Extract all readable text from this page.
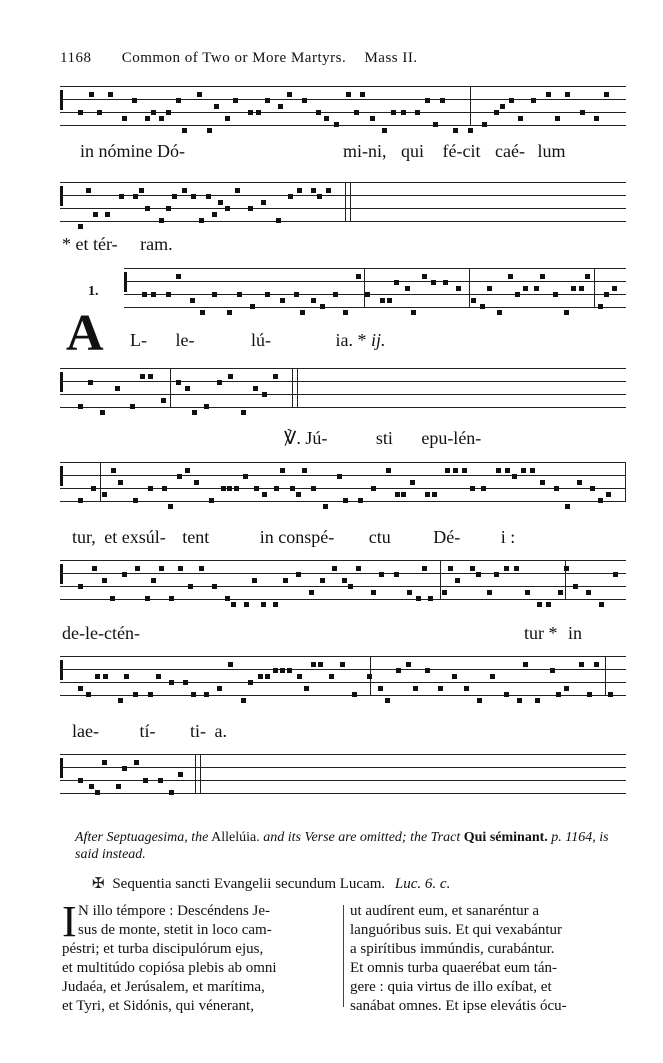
1168 Common of Two or More Martyrs. Mass II.
in nómine Dó-	mi-ni, qui fé-cit caé- lum
* et tér- ram.
1.
A L- le-	lú-	ia. * ij.
℣. Jú-	sti epu-lén-
tur, et exsúl- tent	in conspé- ctu Dé- i :
de-le-ctén-	tur * in
lae- tí- ti- a.
After Septuagesima, the Allelúia. and its Verse are omitted; the Tract Qui séminant. p. 1164, is said instead.
✠ Sequentia sancti Evangelii secundum Lucam. Luc. 6. c.
I N illo témpore : Descéndens Je-
sus de monte, stetit in loco cam-
péstri; et turba discipulórum ejus,
et multitúdo copiósa plebis ab omni
Judaéa, et Jerúsalem, et marítima,
et Tyri, et Sidónis, qui vénerant,
ut audírent eum, et sanaréntur a
languóribus suis. Et qui vexabántur
a spirítibus immúndis, curabántur.
Et omnis turba quaerébat eum tán-
gere : quia virtus de illo exíbat, et
sanábat omnes. Et ipse elevátis ócu-
